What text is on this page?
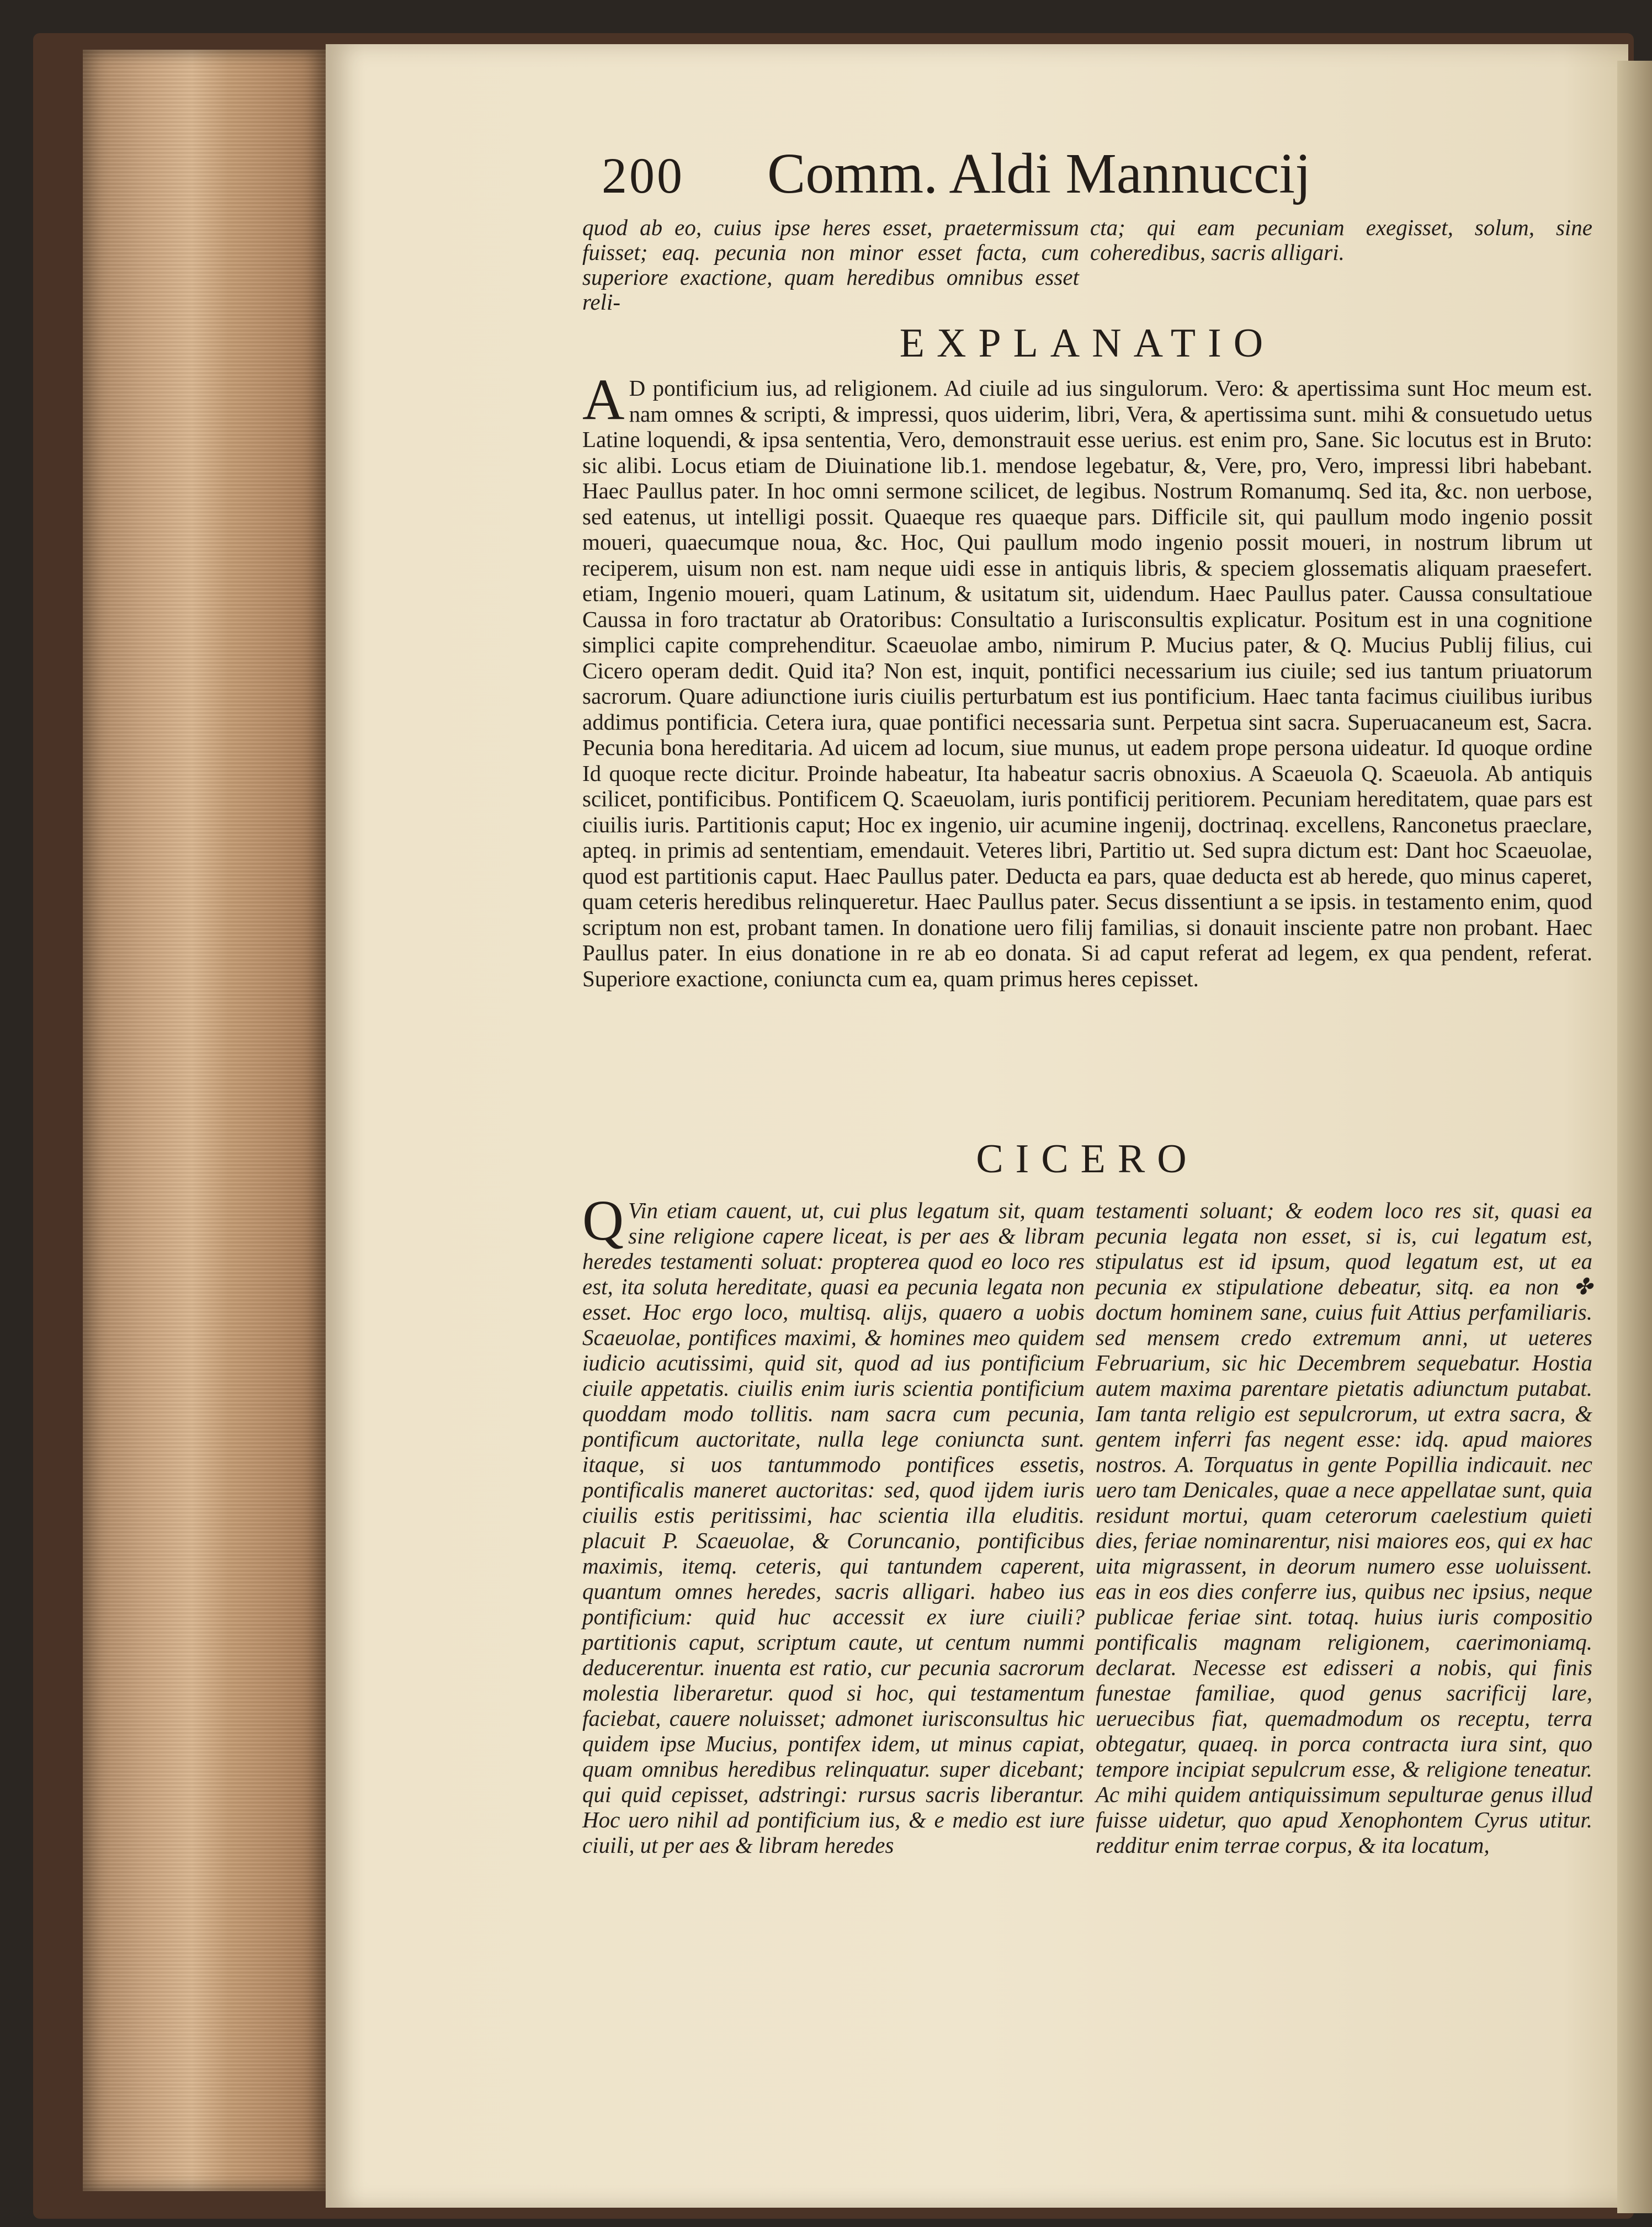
200	Comm. Aldi Mannuccij

quod ab eo, cuius ipse heres esset, praetermissum fuisset; eaq. pecunia non minor esset facta, cum superiore exactione, quam heredibus omnibus esset reli-

cta; qui eam pecuniam exegisset, solum, sine coheredibus, sacris alligari.

EXPLANATIO

A D pontificium ius, ad religionem. Ad ciuile ad ius singulorum. Vero: & apertissima sunt Hoc meum est. nam omnes & scripti, & impressi, quos uiderim, libri, Vera, & apertissima sunt. mihi & consuetudo uetus Latine loquendi, & ipsa sententia, Vero, demonstrauit esse uerius. est enim pro, Sane. Sic locutus est in Bruto: sic alibi. Locus etiam de Diuinatione lib.1. mendose legebatur, &, Vere, pro, Vero, impressi libri habebant. Haec Paullus pater. In hoc omni sermone scilicet, de legibus. Nostrum Romanumq. Sed ita, &c. non uerbose, sed eatenus, ut intelligi possit. Quaeque res quaeque pars. Difficile sit, qui paullum modo ingenio possit moueri, quaecumque noua, &c. Hoc, Qui paullum modo ingenio possit moueri, in nostrum librum ut reciperem, uisum non est. nam neque uidi esse in antiquis libris, & speciem glossematis aliquam praesefert. etiam, Ingenio moueri, quam Latinum, & usitatum sit, uidendum. Haec Paullus pater. Caussa consultatioue Caussa in foro tractatur ab Oratoribus: Consultatio a Iurisconsultis explicatur. Positum est in una cognitione simplici capite comprehenditur. Scaeuolae ambo, nimirum P. Mucius pater, & Q. Mucius Publij filius, cui Cicero operam dedit. Quid ita? Non est, inquit, pontifici necessarium ius ciuile; sed ius tantum priuatorum sacrorum. Quare adiunctione iuris ciuilis perturbatum est ius pontificium. Haec tanta facimus ciuilibus iuribus addimus pontificia. Cetera iura, quae pontifici necessaria sunt. Perpetua sint sacra. Superuacaneum est, Sacra. Pecunia bona hereditaria. Ad uicem ad locum, siue munus, ut eadem prope persona uideatur. Id quoque ordine Id quoque recte dicitur. Proinde habeatur, Ita habeatur sacris obnoxius. A Scaeuola Q. Scaeuola. Ab antiquis scilicet, pontificibus. Pontificem Q. Scaeuolam, iuris pontificij peritiorem. Pecuniam hereditatem, quae pars est ciuilis iuris. Partitionis caput; Hoc ex ingenio, uir acumine ingenij, doctrinaq. excellens, Ranconetus praeclare, apteq. in primis ad sententiam, emendauit. Veteres libri, Partitio ut. Sed supra dictum est: Dant hoc Scaeuolae, quod est partitionis caput. Haec Paullus pater. Deducta ea pars, quae deducta est ab herede, quo minus caperet, quam ceteris heredibus relinqueretur. Haec Paullus pater. Secus dissentiunt a se ipsis. in testamento enim, quod scriptum non est, probant tamen. In donatione uero filij familias, si donauit insciente patre non probant. Haec Paullus pater. In eius donatione in re ab eo donata. Si ad caput referat ad legem, ex qua pendent, referat. Superiore exactione, coniuncta cum ea, quam primus heres cepisset.

CICERO

Q Vin etiam cauent, ut, cui plus legatum sit, quam sine religione capere liceat, is per aes & libram heredes testamenti soluat: propterea quod eo loco res est, ita soluta hereditate, quasi ea pecunia legata non esset. Hoc ergo loco, multisq. alijs, quaero a uobis Scaeuolae, pontifices maximi, & homines meo quidem iudicio acutissimi, quid sit, quod ad ius pontificium ciuile appetatis. ciuilis enim iuris scientia pontificium quoddam modo tollitis. nam sacra cum pecunia, pontificum auctoritate, nulla lege coniuncta sunt. itaque, si uos tantummodo pontifices essetis, pontificalis maneret auctoritas: sed, quod ijdem iuris ciuilis estis peritissimi, hac scientia illa eluditis. placuit P. Scaeuolae, & Coruncanio, pontificibus maximis, itemq. ceteris, qui tantundem caperent, quantum omnes heredes, sacris alligari. habeo ius pontificium: quid huc accessit ex iure ciuili? partitionis caput, scriptum caute, ut centum nummi deducerentur. inuenta est ratio, cur pecunia sacrorum molestia liberaretur. quod si hoc, qui testamentum faciebat, cauere noluisset; admonet iurisconsultus hic quidem ipse Mucius, pontifex idem, ut minus capiat, quam omnibus heredibus relinquatur. super dicebant; qui quid cepisset, adstringi: rursus sacris liberantur. Hoc uero nihil ad pontificium ius, & e medio est iure ciuili, ut per aes & libram heredes

testamenti soluant; & eodem loco res sit, quasi ea pecunia legata non esset, si is, cui legatum est, stipulatus est id ipsum, quod legatum est, ut ea pecunia ex stipulatione debeatur, sitq. ea non ✤ doctum hominem sane, cuius fuit Attius perfamiliaris. sed mensem credo extremum anni, ut ueteres Februarium, sic hic Decembrem sequebatur. Hostia autem maxima parentare pietatis adiunctum putabat. Iam tanta religio est sepulcrorum, ut extra sacra, & gentem inferri fas negent esse: idq. apud maiores nostros. A. Torquatus in gente Popillia indicauit. nec uero tam Denicales, quae a nece appellatae sunt, quia residunt mortui, quam ceterorum caelestium quieti dies, feriae nominarentur, nisi maiores eos, qui ex hac uita migrassent, in deorum numero esse uoluissent. eas in eos dies conferre ius, quibus nec ipsius, neque publicae feriae sint. totaq. huius iuris compositio pontificalis magnam religionem, caerimoniamq. declarat. Necesse est edisseri a nobis, qui finis funestae familiae, quod genus sacrificij lare, ueruecibus fiat, quemadmodum os receptu, terra obtegatur, quaeq. in porca contracta iura sint, quo tempore incipiat sepulcrum esse, & religione teneatur. Ac mihi quidem antiquissimum sepulturae genus illud fuisse uidetur, quo apud Xenophontem Cyrus utitur. redditur enim terrae corpus, & ita locatum,
